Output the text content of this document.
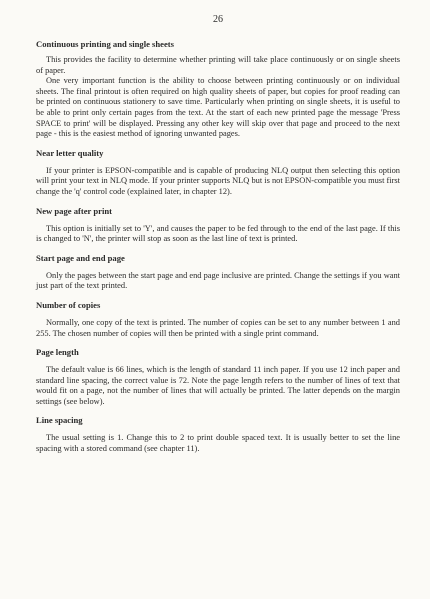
26
Continuous printing and single sheets

This provides the facility to determine whether printing will take place continuously or on single sheets of paper.

One very important function is the ability to choose between printing continuously or on individual sheets. The final printout is often required on high quality sheets of paper, but copies for proof reading can be printed on continuous stationery to save time. Particularly when printing on single sheets, it is useful to be able to print only certain pages from the text. At the start of each new printed page the message 'Press SPACE to print' will be displayed. Pressing any other key will skip over that page and proceed to the next page - this is the easiest method of ignoring unwanted pages.

Near letter quality

If your printer is EPSON-compatible and is capable of producing NLQ output then selecting this option will print your text in NLQ mode. If your printer supports NLQ but is not EPSON-compatible you must first change the 'q' control code (explained later, in chapter 12).

New page after print

This option is initially set to 'Y', and causes the paper to be fed through to the end of the last page. If this is changed to 'N', the printer will stop as soon as the last line of text is printed.

Start page and end page

Only the pages between the start page and end page inclusive are printed. Change the settings if you want just part of the text printed.

Number of copies

Normally, one copy of the text is printed. The number of copies can be set to any number between 1 and 255. The chosen number of copies will then be printed with a single print command.

Page length

The default value is 66 lines, which is the length of standard 11 inch paper. If you use 12 inch paper and standard line spacing, the correct value is 72. Note the page length refers to the number of lines of text that would fit on a page, not the number of lines that will actually be printed. The latter depends on the margin settings (see below).

Line spacing

The usual setting is 1. Change this to 2 to print double spaced text. It is usually better to set the line spacing with a stored command (see chapter 11).
